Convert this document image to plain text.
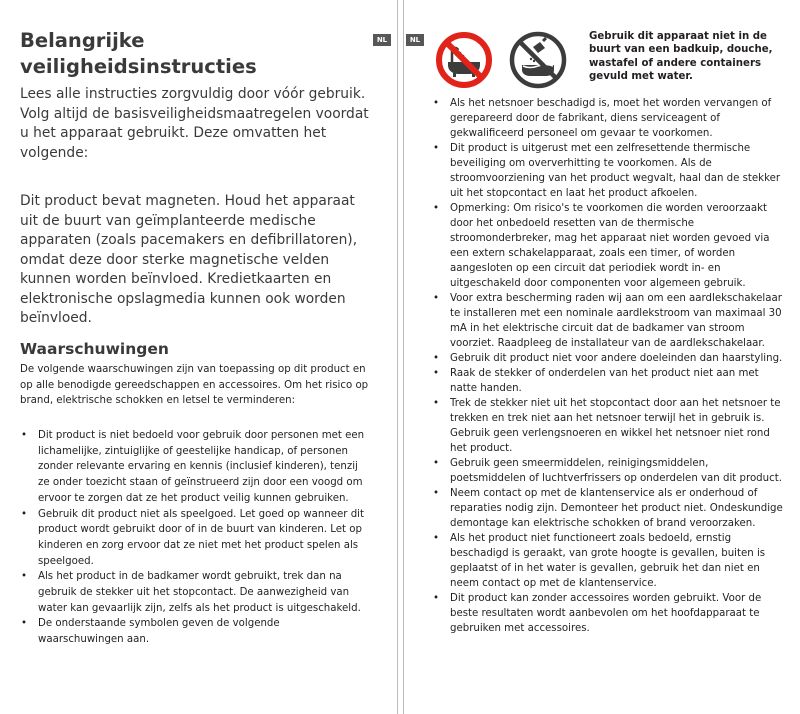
NL
Belangrijke veiligheidsinstructies

Lees alle instructies zorgvuldig door vóór gebruik.

Volg altijd de basisveiligheidsmaatregelen voordat u het apparaat gebruikt. Deze omvatten het volgende:

Dit product bevat magneten. Houd het apparaat uit de buurt van geïmplanteerde medische apparaten (zoals pacemakers en defibrillatoren), omdat deze door sterke magnetische velden kunnen worden beïnvloed. Kredietkaarten en elektronische opslagmedia kunnen ook worden beïnvloed.

Waarschuwingen

De volgende waarschuwingen zijn van toepassing op dit product en op alle benodigde gereedschappen en accessoires. Om het risico op brand, elektrische schokken en letsel te verminderen:

• Dit product is niet bedoeld voor gebruik door personen met een lichamelijke, zintuiglijke of geestelijke handicap, of personen zonder relevante ervaring en kennis (inclusief kinderen), tenzij ze onder toezicht staan of geïnstrueerd zijn door een voogd om ervoor te zorgen dat ze het product veilig kunnen gebruiken.
• Gebruik dit product niet als speelgoed. Let goed op wanneer dit product wordt gebruikt door of in de buurt van kinderen. Let op kinderen en zorg ervoor dat ze niet met het product spelen als speelgoed.
• Als het product in de badkamer wordt gebruikt, trek dan na gebruik de stekker uit het stopcontact. De aanwezigheid van water kan gevaarlijk zijn, zelfs als het product is uitgeschakeld.
• De onderstaande symbolen geven de volgende waarschuwingen aan.
NL	Gebruik dit apparaat niet in de buurt van een badkuip, douche, wastafel of andere containers gevuld met water.

• Als het netsnoer beschadigd is, moet het worden vervangen of gerepareerd door de fabrikant, diens serviceagent of gekwalificeerd personeel om gevaar te voorkomen.
• Dit product is uitgerust met een zelfresettende thermische beveiliging om oververhitting te voorkomen. Als de stroomvoorziening van het product wegvalt, haal dan de stekker uit het stopcontact en laat het product afkoelen.
• Opmerking: Om risico's te voorkomen die worden veroorzaakt door het onbedoeld resetten van de thermische stroomonderbreker, mag het apparaat niet worden gevoed via een extern schakelapparaat, zoals een timer, of worden aangesloten op een circuit dat periodiek wordt in- en uitgeschakeld door componenten voor algemeen gebruik.
• Voor extra bescherming raden wij aan om een aardlekschakelaar te installeren met een nominale aardlekstroom van maximaal 30 mA in het elektrische circuit dat de badkamer van stroom voorziet. Raadpleeg de installateur van de aardlekschakelaar.
• Gebruik dit product niet voor andere doeleinden dan haarstyling.
• Raak de stekker of onderdelen van het product niet aan met natte handen.
• Trek de stekker niet uit het stopcontact door aan het netsnoer te trekken en trek niet aan het netsnoer terwijl het in gebruik is. Gebruik geen verlengsnoeren en wikkel het netsnoer niet rond het product.
• Gebruik geen smeermiddelen, reinigingsmiddelen, poetsmiddelen of luchtverfrissers op onderdelen van dit product.
• Neem contact op met de klantenservice als er onderhoud of reparaties nodig zijn. Demonteer het product niet. Ondeskundige demontage kan elektrische schokken of brand veroorzaken.
• Als het product niet functioneert zoals bedoeld, ernstig beschadigd is geraakt, van grote hoogte is gevallen, buiten is geplaatst of in het water is gevallen, gebruik het dan niet en neem contact op met de klantenservice.
• Dit product kan zonder accessoires worden gebruikt. Voor de beste resultaten wordt aanbevolen om het hoofdapparaat te gebruiken met accessoires.
